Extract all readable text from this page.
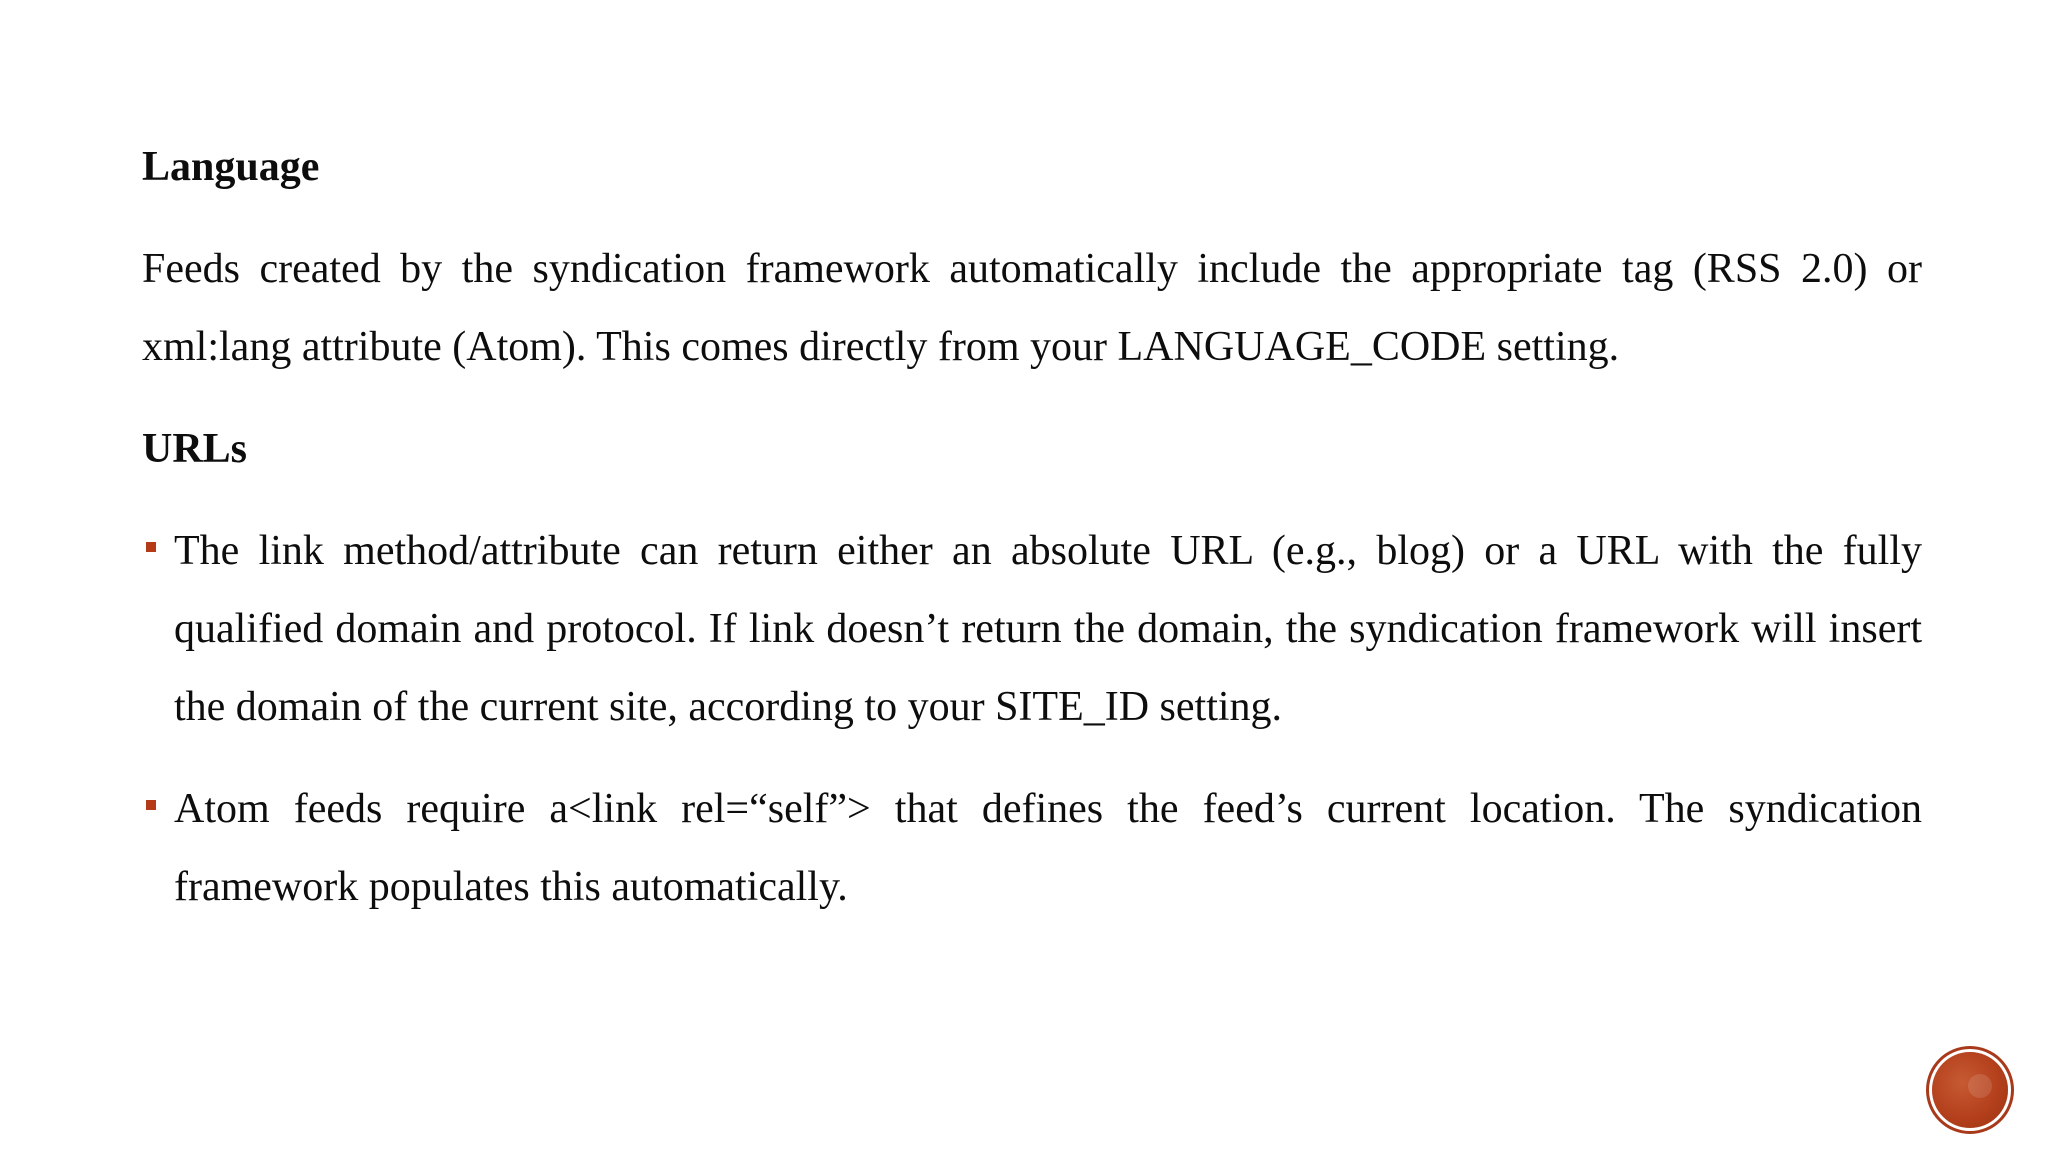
Language

Feeds created by the syndication framework automatically include the appropriate tag (RSS 2.0) or xml:lang attribute (Atom). This comes directly from your LANGUAGE_CODE setting.

URLs
The link method/attribute can return either an absolute URL (e.g., blog) or a URL with the fully qualified domain and protocol. If link doesn’t return the domain, the syndication framework will insert the domain of the current site, according to your SITE_ID setting.
Atom feeds require a<link rel=“self”> that defines the feed’s current location. The syndication framework populates this automatically.
